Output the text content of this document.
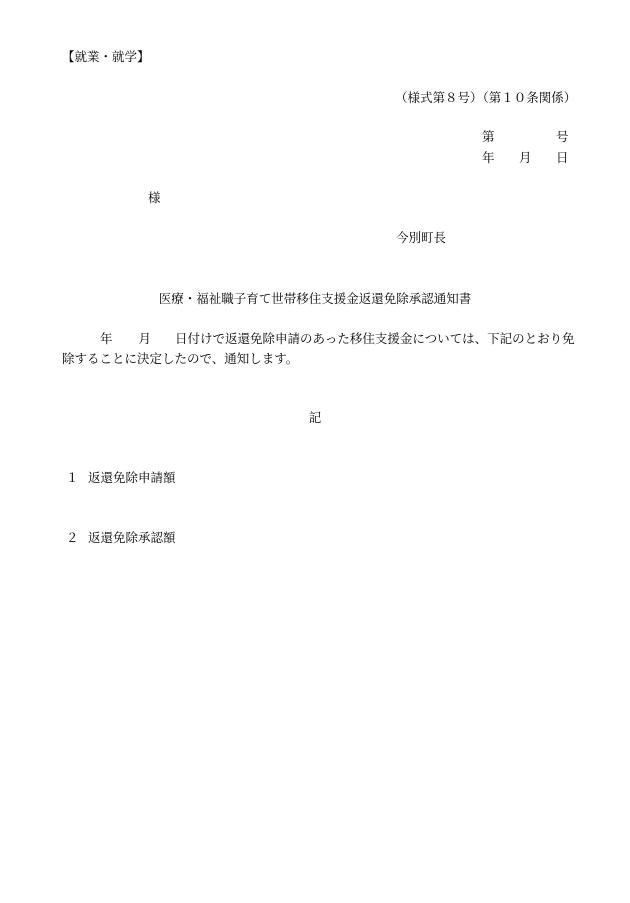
【就業・就学】
（様式第８号）（第１０条関係）
第	号
年 月 日
様
今別町長
医療・福祉職子育て世帯移住支援金返還免除承認通知書
年 月 日付けで返還免除申請のあった移住支援金については、下記のとおり免
除することに決定したので、通知します。
記
１ 返還免除申請額
２ 返還免除承認額
